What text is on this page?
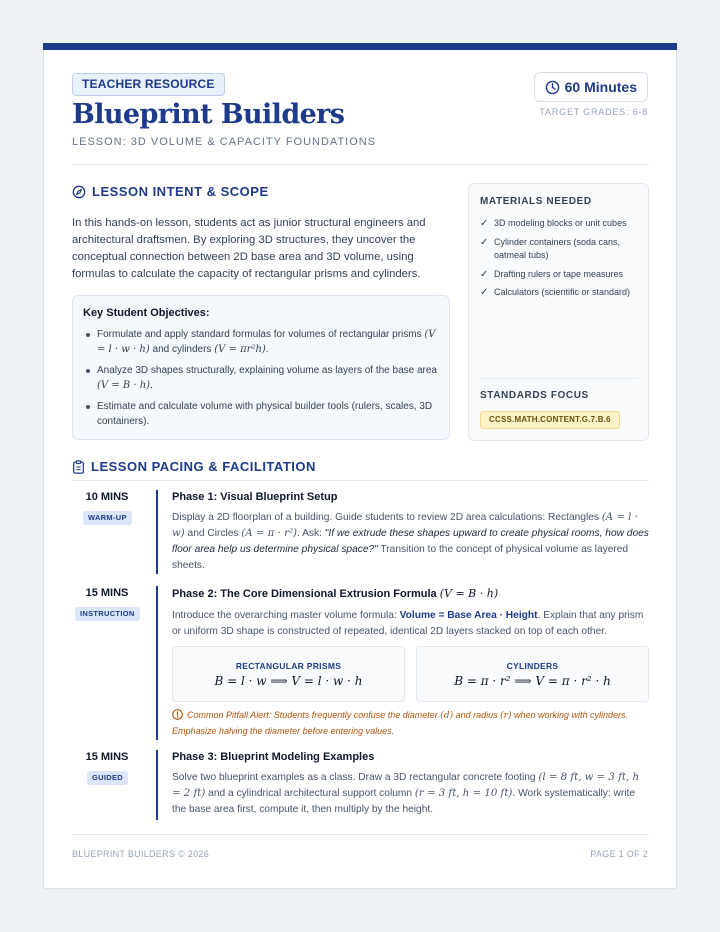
TEACHER RESOURCE
Blueprint Builders
LESSON: 3D VOLUME & CAPACITY FOUNDATIONS
60 Minutes
TARGET GRADES: 6-8
LESSON INTENT & SCOPE

In this hands-on lesson, students act as junior structural engineers and architectural draftsmen. By exploring 3D structures, they uncover the conceptual connection between 2D base area and 3D volume, using formulas to calculate the capacity of rectangular prisms and cylinders.

Key Student Objectives:
Formulate and apply standard formulas for volumes of rectangular prisms (V = l · w · h) and cylinders (V = πr²h).
Analyze 3D shapes structurally, explaining volume as layers of the base area (V = B · h).
Estimate and calculate volume with physical builder tools (rulers, scales, 3D containers).
MATERIALS NEEDED
✓ 3D modeling blocks or unit cubes
✓ Cylinder containers (soda cans, oatmeal tubs)
✓ Drafting rulers or tape measures
✓ Calculators (scientific or standard)
STANDARDS FOCUS
CCSS.MATH.CONTENT.G.7.B.6
LESSON PACING & FACILITATION
10 MINS
WARM-UP
Phase 1: Visual Blueprint Setup
Display a 2D floorplan of a building. Guide students to review 2D area calculations: Rectangles (A = l · w) and Circles (A = π · r²). Ask: "If we extrude these shapes upward to create physical rooms, how does floor area help us determine physical space?" Transition to the concept of physical volume as layered sheets.
15 MINS
INSTRUCTION
Phase 2: The Core Dimensional Extrusion Formula (V = B · h)
Introduce the overarching master volume formula: Volume = Base Area · Height. Explain that any prism or uniform 3D shape is constructed of repeated, identical 2D layers stacked on top of each other.
RECTANGULAR PRISMS
B = l · w ⟹ V = l · w · h
CYLINDERS
B = π · r² ⟹ V = π · r² · h
Common Pitfall Alert: Students frequently confuse the diameter (d) and radius (r) when working with cylinders. Emphasize halving the diameter before entering values.
15 MINS
GUIDED
Phase 3: Blueprint Modeling Examples
Solve two blueprint examples as a class. Draw a 3D rectangular concrete footing (l = 8 ft, w = 3 ft, h = 2 ft) and a cylindrical architectural support column (r = 3 ft, h = 10 ft). Work systematically: write the base area first, compute it, then multiply by the height.
BLUEPRINT BUILDERS © 2026	PAGE 1 OF 2
